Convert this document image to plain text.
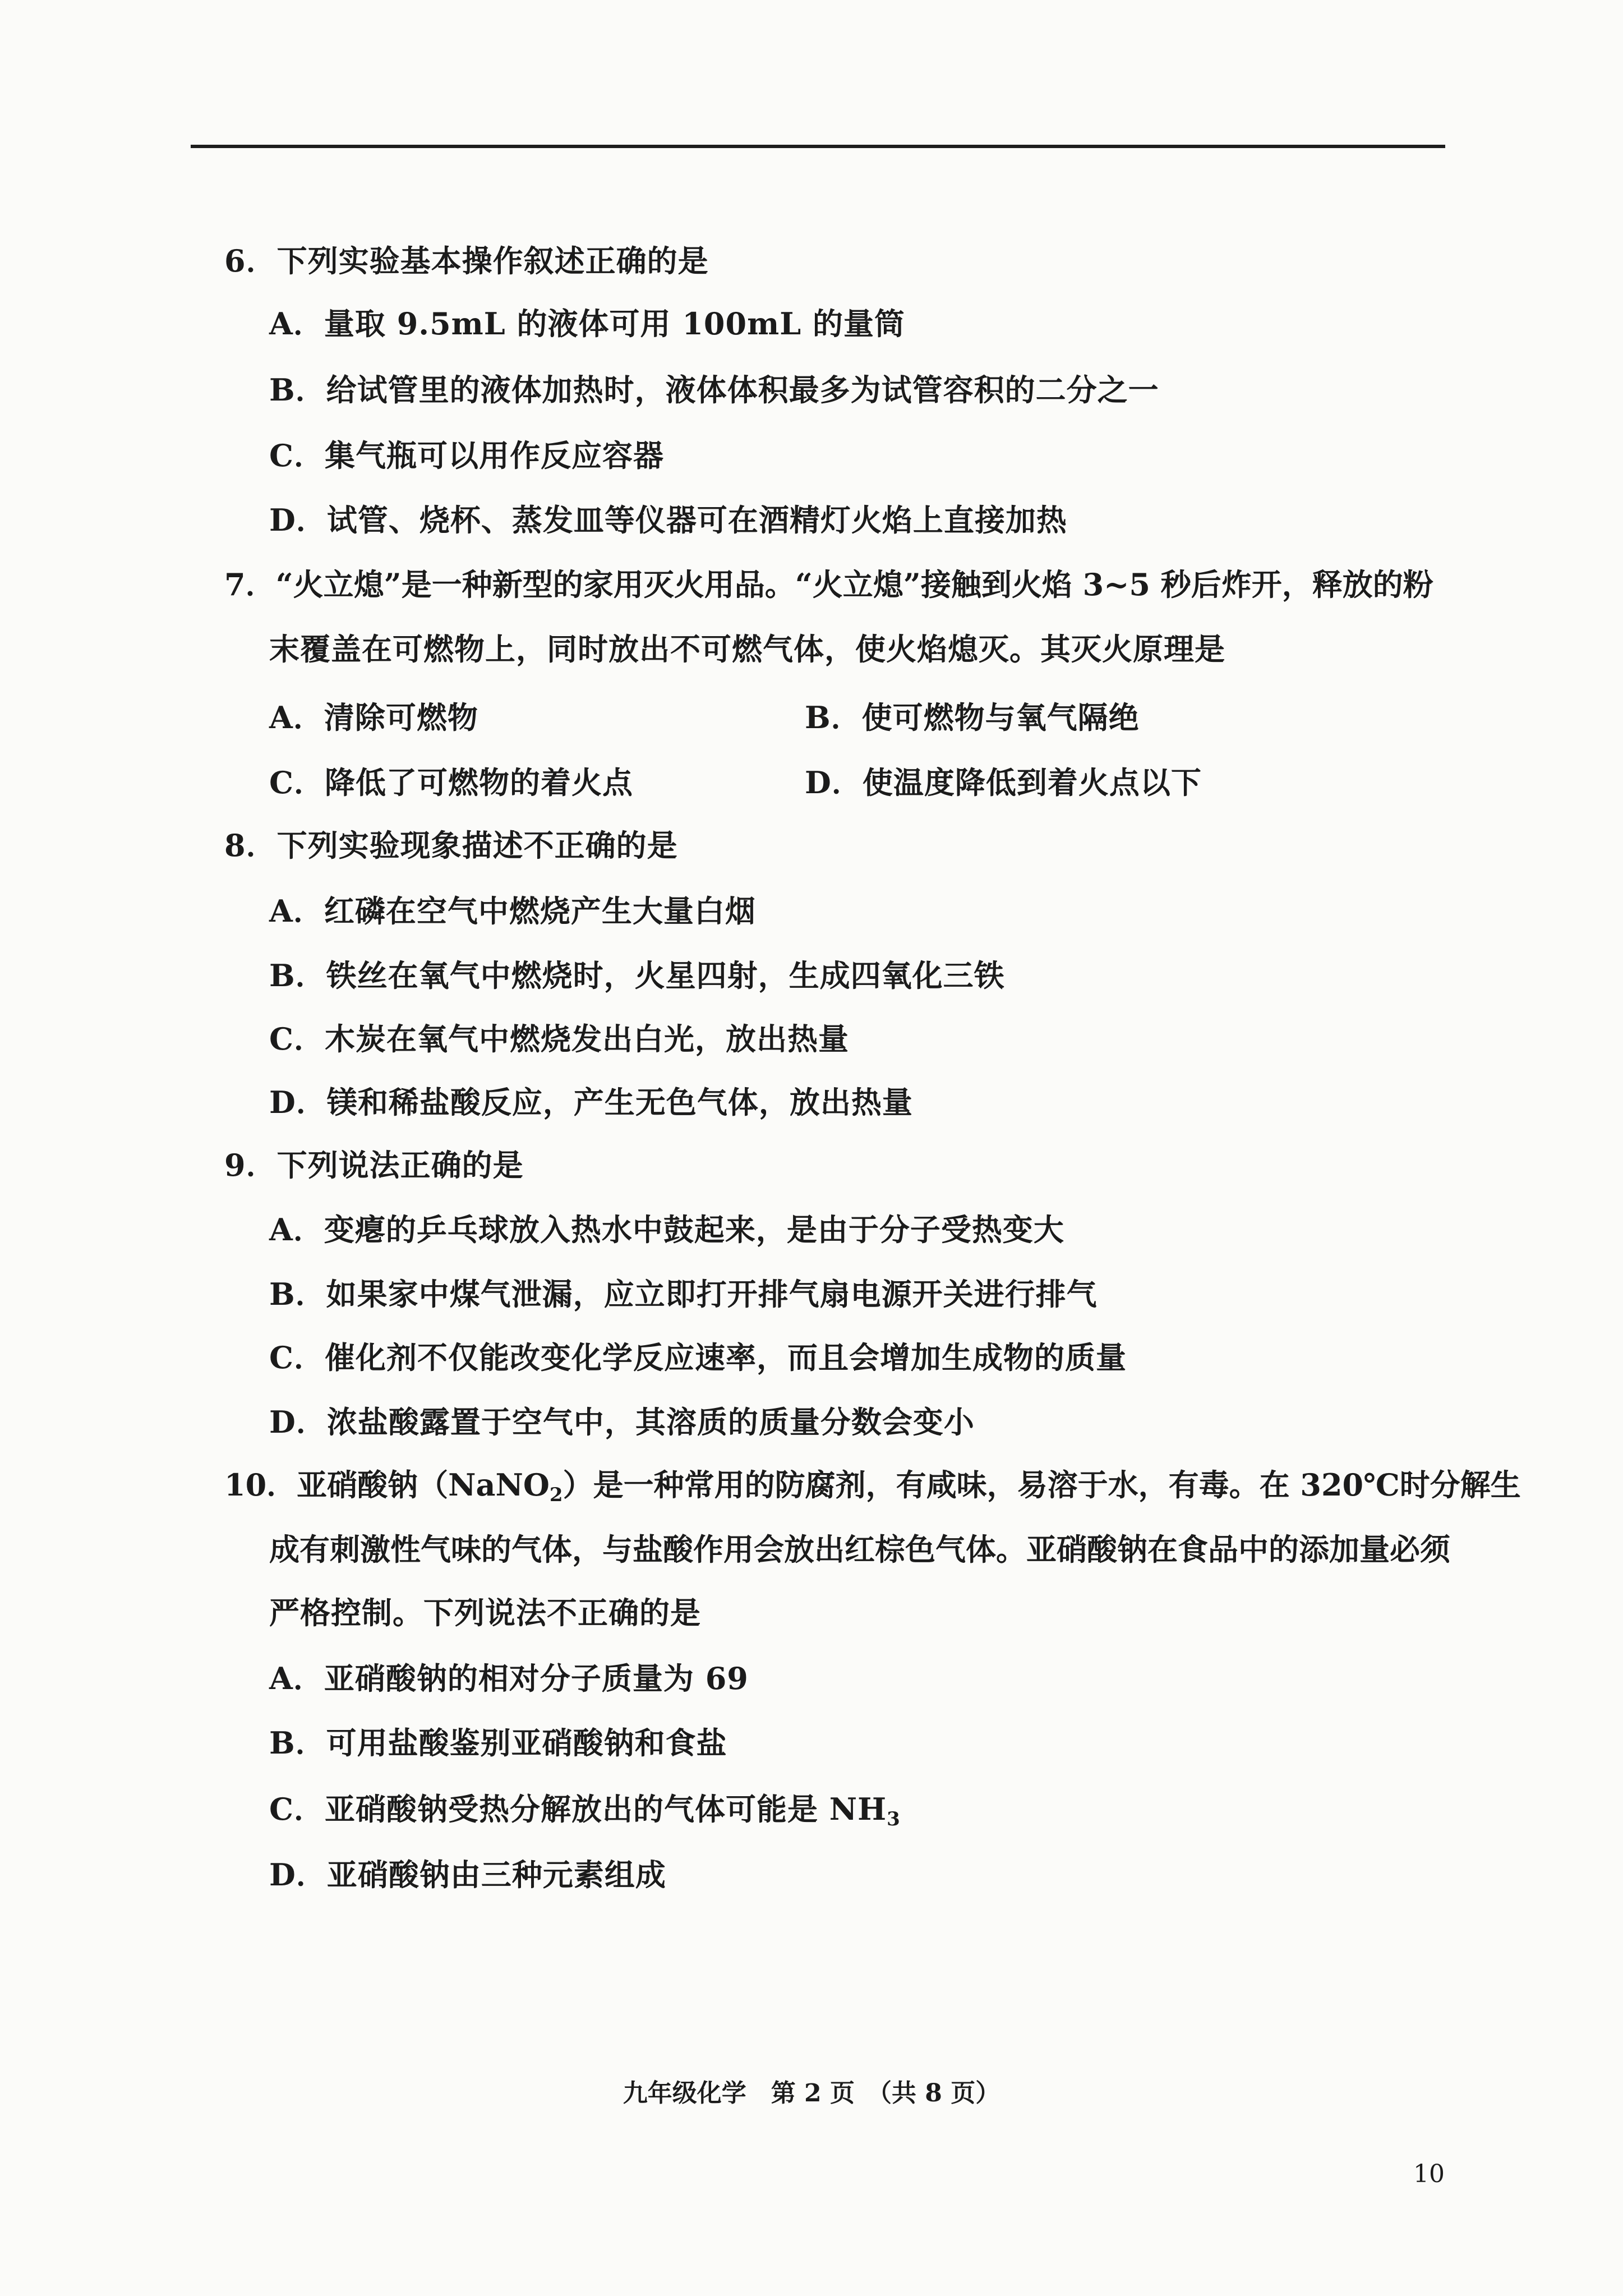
6．下列实验基本操作叙述正确的是
A．量取 9.5mL 的液体可用 100mL 的量筒
B．给试管里的液体加热时，液体体积最多为试管容积的二分之一
C．集气瓶可以用作反应容器
D．试管、烧杯、蒸发皿等仪器可在酒精灯火焰上直接加热
7．“火立熄”是一种新型的家用灭火用品。“火立熄”接触到火焰 3~5 秒后炸开，释放的粉
末覆盖在可燃物上，同时放出不可燃气体，使火焰熄灭。其灭火原理是
A．清除可燃物	B．使可燃物与氧气隔绝
C．降低了可燃物的着火点	D．使温度降低到着火点以下
8．下列实验现象描述不正确的是
A．红磷在空气中燃烧产生大量白烟
B．铁丝在氧气中燃烧时，火星四射，生成四氧化三铁
C．木炭在氧气中燃烧发出白光，放出热量
D．镁和稀盐酸反应，产生无色气体，放出热量
9．下列说法正确的是
A．变瘪的乒乓球放入热水中鼓起来，是由于分子受热变大
B．如果家中煤气泄漏，应立即打开排气扇电源开关进行排气
C．催化剂不仅能改变化学反应速率，而且会增加生成物的质量
D．浓盐酸露置于空气中，其溶质的质量分数会变小
10．亚硝酸钠（NaNO$_2$）是一种常用的防腐剂，有咸味，易溶于水，有毒。在 320℃时分解生
成有刺激性气味的气体，与盐酸作用会放出红棕色气体。亚硝酸钠在食品中的添加量必须
严格控制。下列说法不正确的是
A．亚硝酸钠的相对分子质量为 69
B．可用盐酸鉴别亚硝酸钠和食盐
C．亚硝酸钠受热分解放出的气体可能是 $NH_3$
D．亚硝酸钠由三种元素组成
九年级化学　第 2 页　（共 8 页）
10
